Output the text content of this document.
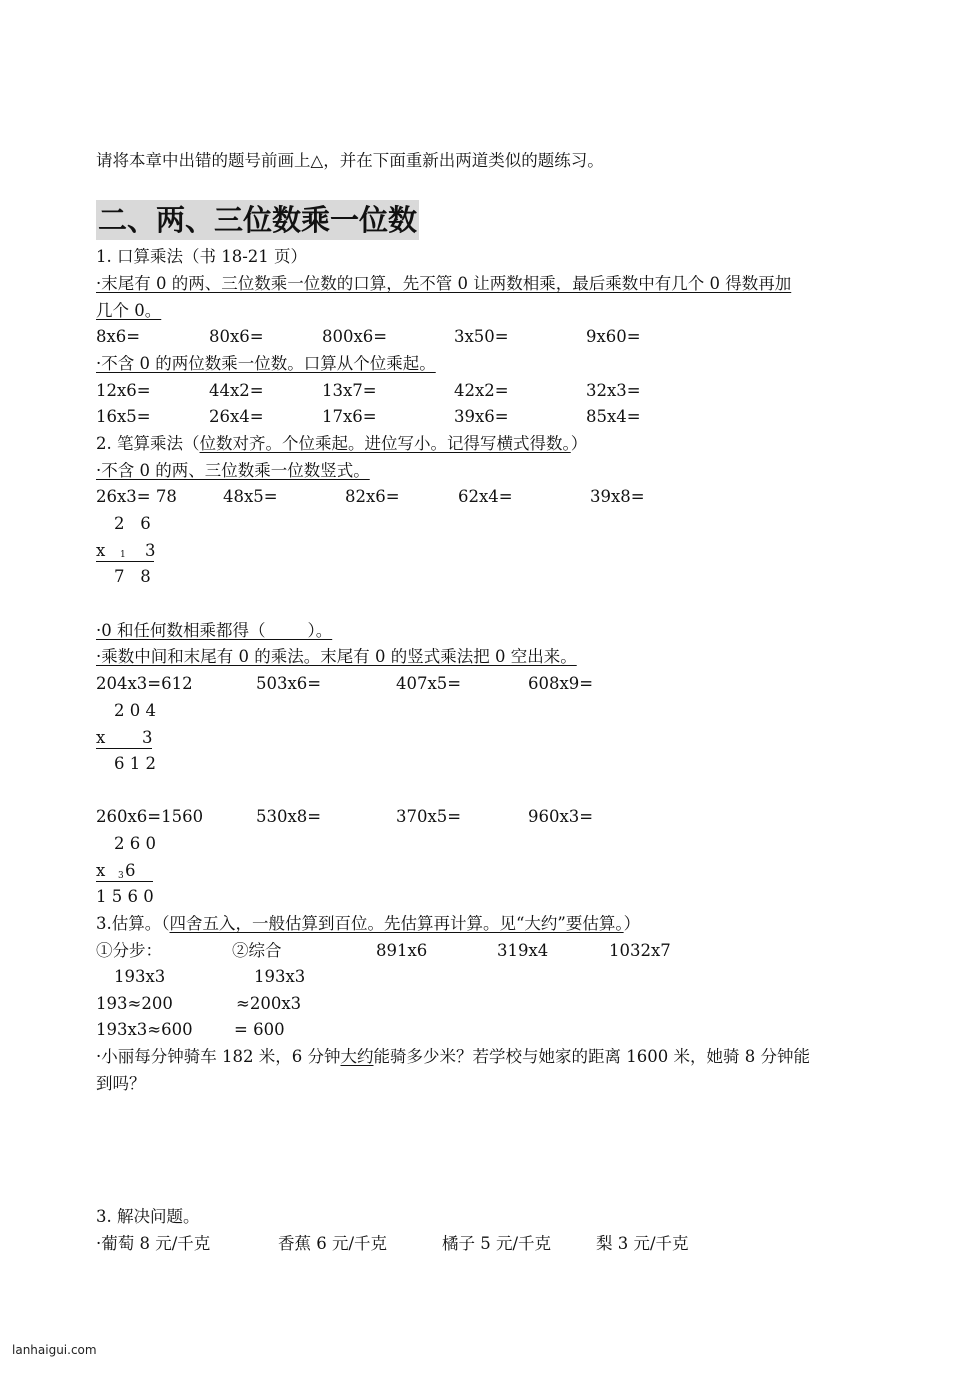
请将本章中出错的题号前画上△，并在下面重新出两道类似的题练习。
二、两、三位数乘一位数
1. 口算乘法（书 18-21 页）
·末尾有 0 的两、三位数乘一位数的口算，先不管 0 让两数相乘，最后乘数中有几个 0 得数再加
几个 0。
8x6=	80x6=	800x6=	3x50=	9x60=
·不含 0 的两位数乘一位数。口算从个位乘起。
12x6=	44x2=	13x7=	42x2=	32x3=
16x5=	26x4=	17x6=	39x6=	85x4=
2. 笔算乘法（位数对齐。个位乘起。进位写小。记得写横式得数。）
·不含 0 的两、三位数乘一位数竖式。
26x3= 78	48x5=	82x6=	62x4=	39x8=
2   6
x 1 3
7   8
·0 和任何数相乘都得（        ）。
·乘数中间和末尾有 0 的乘法。末尾有 0 的竖式乘法把 0 空出来。
204x3=612	503x6=	407x5=	608x9=
2 0 4
x 3
6 1 2
260x6=1560	530x8=	370x5=	960x3=
2 6 0
x 3 6
1 5 6 0
3.估算。（四舍五入，一般估算到百位。先估算再计算。见“大约”要估算。）
①分步：	②综合	891x6	319x4	1032x7
193x3	193x3
193≈200	≈200x3
193x3≈600	= 600
·小丽每分钟骑车 182 米，6 分钟大约能骑多少米？若学校与她家的距离 1600 米，她骑 8 分钟能
到吗？
3. 解决问题。
·葡萄 8 元/千克	香蕉 6 元/千克	橘子 5 元/千克	梨 3 元/千克
lanhaigui.com
